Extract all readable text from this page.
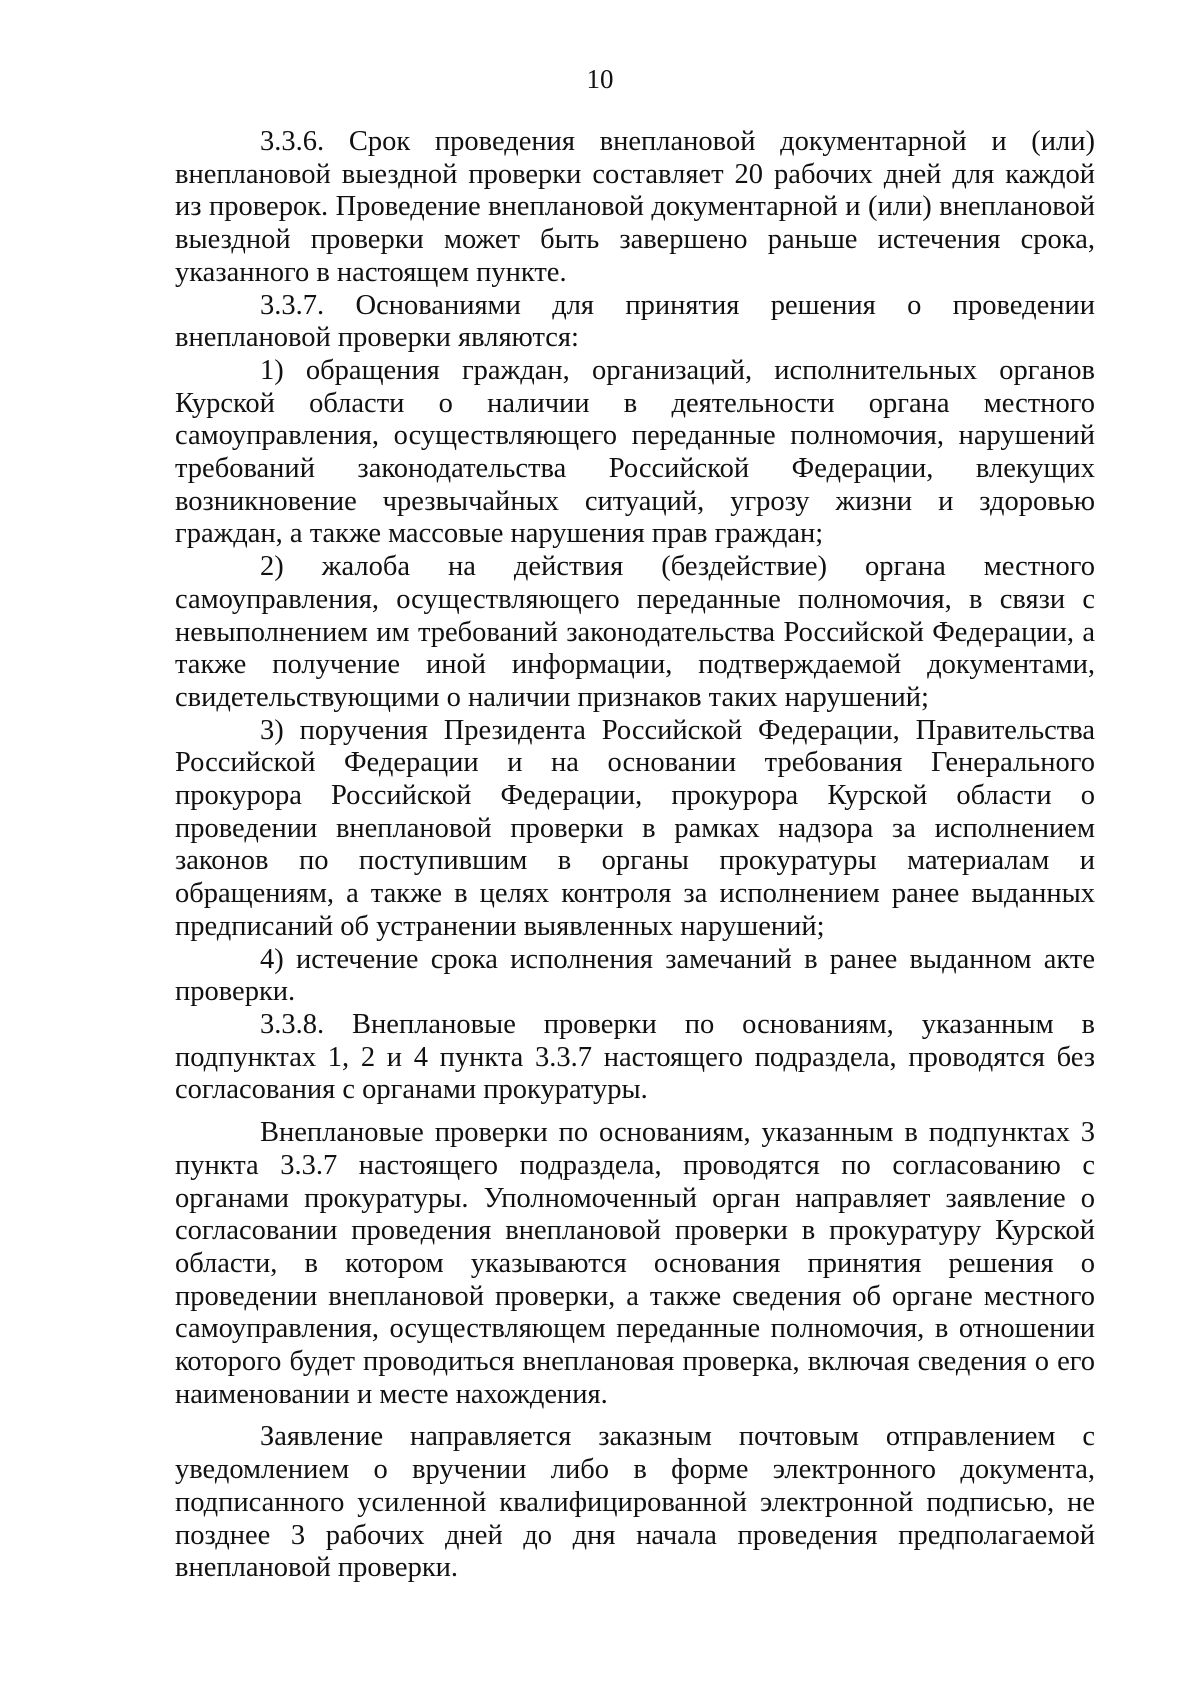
10

3.3.6. Срок проведения внеплановой документарной и (или) внеплановой выездной проверки составляет 20 рабочих дней для каждой из проверок. Проведение внеплановой документарной и (или) внеплановой выездной проверки может быть завершено раньше истечения срока, указанного в настоящем пункте.

3.3.7. Основаниями для принятия решения о проведении внеплановой проверки являются:

1) обращения граждан, организаций, исполнительных органов Курской области о наличии в деятельности органа местного самоуправления, осуществляющего переданные полномочия, нарушений требований законодательства Российской Федерации, влекущих возникновение чрезвычайных ситуаций, угрозу жизни и здоровью граждан, а также массовые нарушения прав граждан;

2) жалоба на действия (бездействие) органа местного самоуправления, осуществляющего переданные полномочия, в связи с невыполнением им требований законодательства Российской Федерации, а также получение иной информации, подтверждаемой документами, свидетельствующими о наличии признаков таких нарушений;

3) поручения Президента Российской Федерации, Правительства Российской Федерации и на основании требования Генерального прокурора Российской Федерации, прокурора Курской области о проведении внеплановой проверки в рамках надзора за исполнением законов по поступившим в органы прокуратуры материалам и обращениям, а также в целях контроля за исполнением ранее выданных предписаний об устранении выявленных нарушений;

4) истечение срока исполнения замечаний в ранее выданном акте проверки.

3.3.8. Внеплановые проверки по основаниям, указанным в подпунктах 1, 2 и 4 пункта 3.3.7 настоящего подраздела, проводятся без согласования с органами прокуратуры.

Внеплановые проверки по основаниям, указанным в подпунктах 3 пункта 3.3.7 настоящего подраздела, проводятся по согласованию с органами прокуратуры. Уполномоченный орган направляет заявление о согласовании проведения внеплановой проверки в прокуратуру Курской области, в котором указываются основания принятия решения о проведении внеплановой проверки, а также сведения об органе местного самоуправления, осуществляющем переданные полномочия, в отношении которого будет проводиться внеплановая проверка, включая сведения о его наименовании и месте нахождения.

Заявление направляется заказным почтовым отправлением с уведомлением о вручении либо в форме электронного документа, подписанного усиленной квалифицированной электронной подписью, не позднее 3 рабочих дней до дня начала проведения предполагаемой внеплановой проверки.
